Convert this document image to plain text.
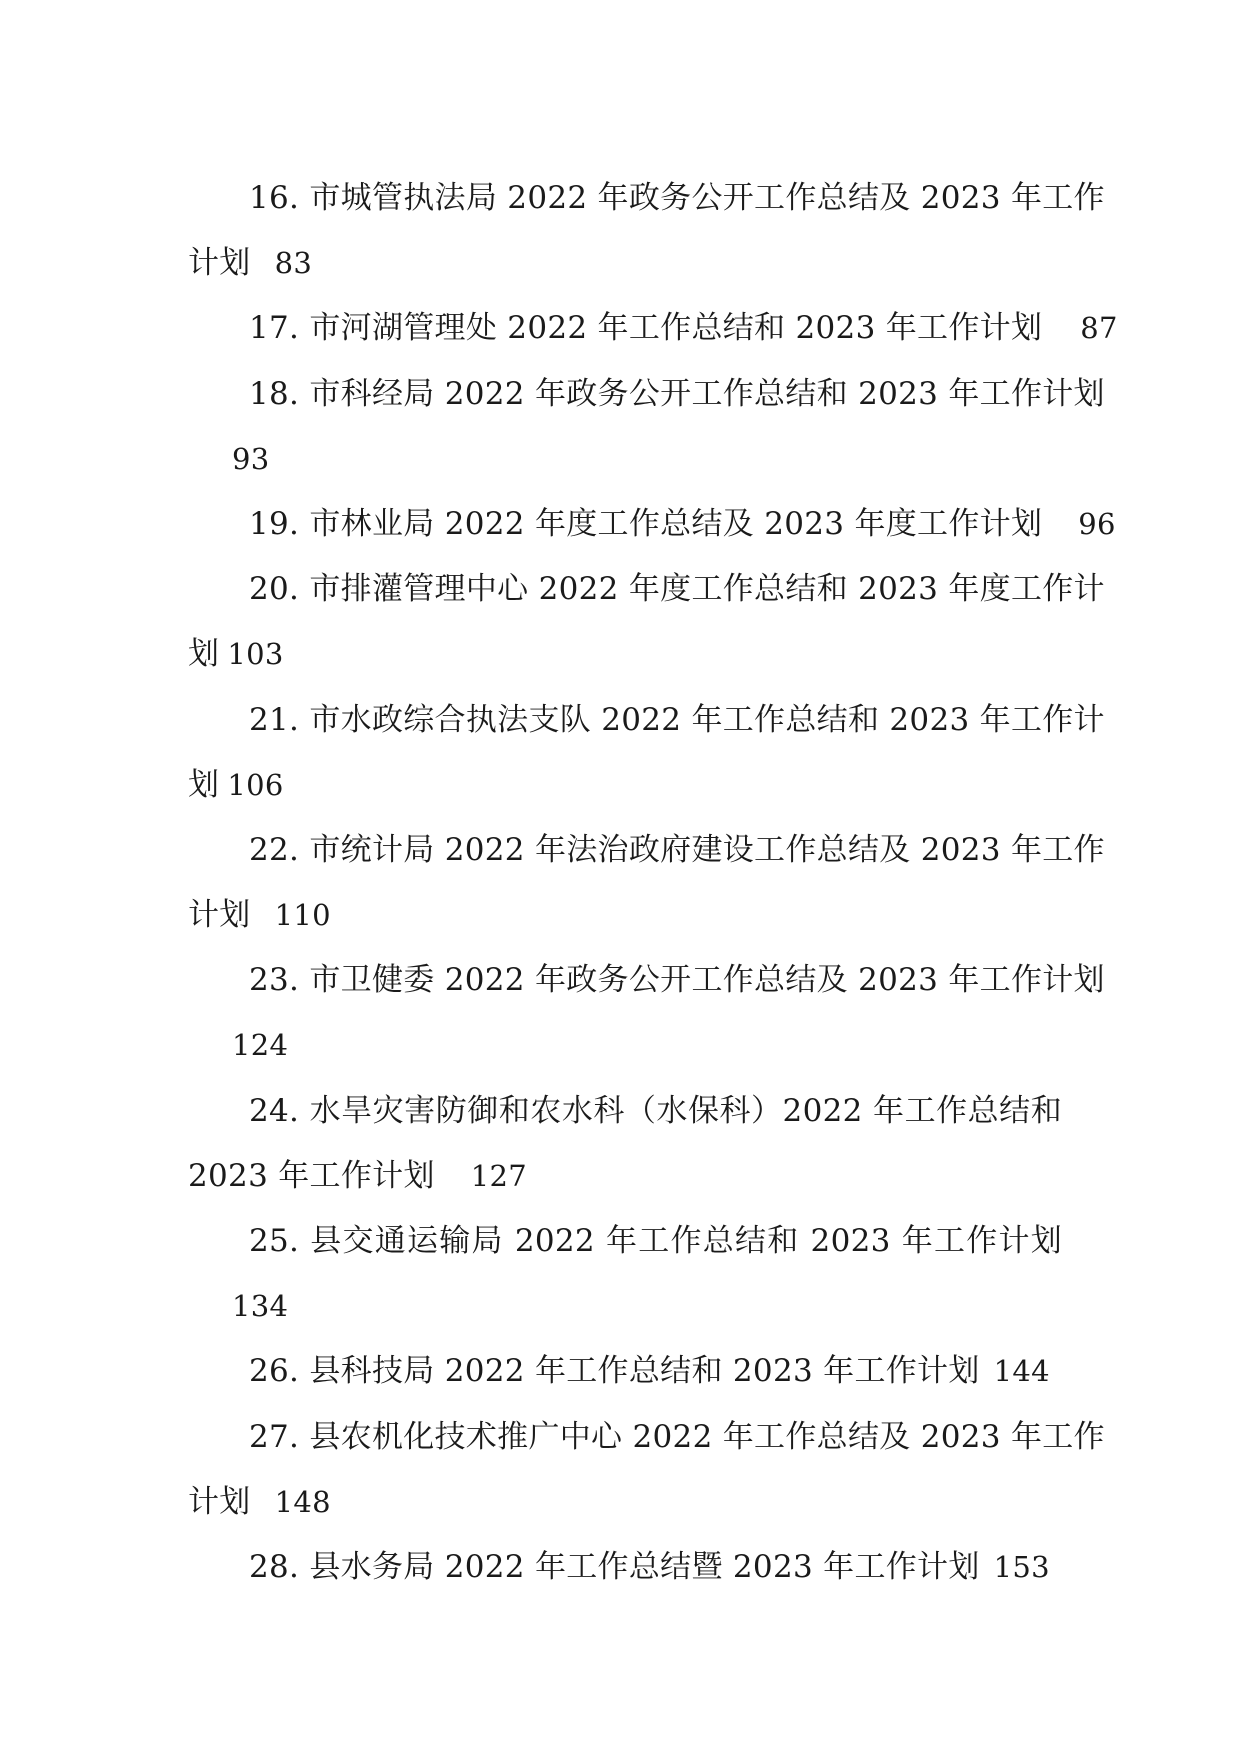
16. 市城管执法局 2022 年政务公开工作总结及 2023 年工作
计划 83
17. 市河湖管理处 2022 年工作总结和 2023 年工作计划 87
18. 市科经局 2022 年政务公开工作总结和 2023 年工作计划
93
19. 市林业局 2022 年度工作总结及 2023 年度工作计划 96
20. 市排灌管理中心 2022 年度工作总结和 2023 年度工作计
划 103
21. 市水政综合执法支队 2022 年工作总结和 2023 年工作计
划 106
22. 市统计局 2022 年法治政府建设工作总结及 2023 年工作
计划 110
23. 市卫健委 2022 年政务公开工作总结及 2023 年工作计划
124
24. 水旱灾害防御和农水科（水保科）2022 年工作总结和
2023 年工作计划 127
25. 县交通运输局 2022 年工作总结和 2023 年工作计划
134
26. 县科技局 2022 年工作总结和 2023 年工作计划 144
27. 县农机化技术推广中心 2022 年工作总结及 2023 年工作
计划 148
28. 县水务局 2022 年工作总结暨 2023 年工作计划 153
